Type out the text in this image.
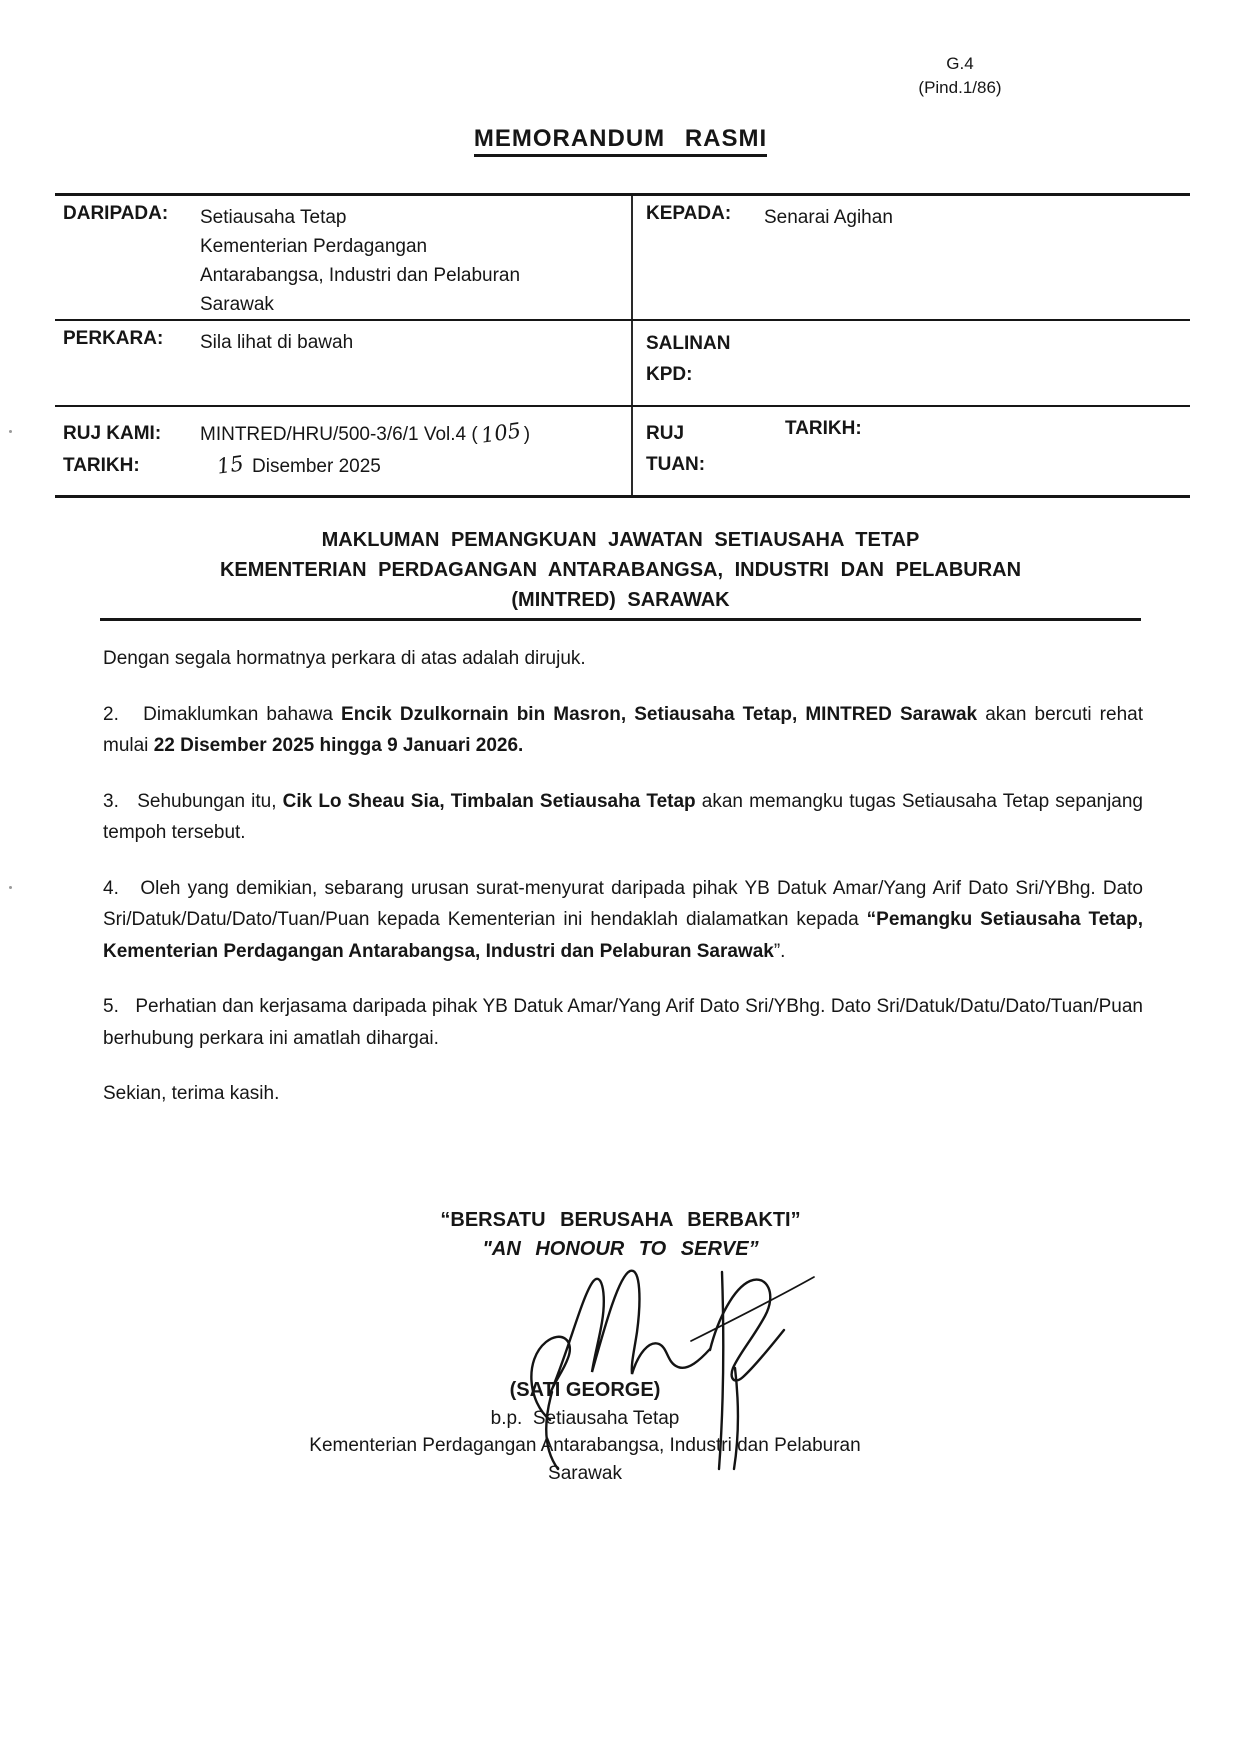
G.4
(Pind.1/86)
MEMORANDUM RASMI
DARIPADA:	Setiausaha Tetap
Kementerian Perdagangan
Antarabangsa, Industri dan Pelaburan
Sarawak
KEPADA:	Senarai Agihan
PERKARA:	Sila lihat di bawah	SALINAN
KPD:
RUJ KAMI:	MINTRED/HRU/500-3/6/1 Vol.4 (105)
TARIKH:	15 Disember 2025
RUJ
TUAN:
TARIKH:
MAKLUMAN PEMANGKUAN JAWATAN SETIAUSAHA TETAP
KEMENTERIAN PERDAGANGAN ANTARABANGSA, INDUSTRI DAN PELABURAN
(MINTRED) SARAWAK

Dengan segala hormatnya perkara di atas adalah dirujuk.

2.   Dimaklumkan bahawa Encik Dzulkornain bin Masron, Setiausaha Tetap, MINTRED Sarawak akan bercuti rehat mulai 22 Disember 2025 hingga 9 Januari 2026.

3.   Sehubungan itu, Cik Lo Sheau Sia, Timbalan Setiausaha Tetap akan memangku tugas Setiausaha Tetap sepanjang tempoh tersebut.

4.   Oleh yang demikian, sebarang urusan surat-menyurat daripada pihak YB Datuk Amar/Yang Arif Dato Sri/YBhg. Dato Sri/Datuk/Datu/Dato/Tuan/Puan kepada Kementerian ini hendaklah dialamatkan kepada “Pemangku Setiausaha Tetap, Kementerian Perdagangan Antarabangsa, Industri dan Pelaburan Sarawak”.

5.   Perhatian dan kerjasama daripada pihak YB Datuk Amar/Yang Arif Dato Sri/YBhg. Dato Sri/Datuk/Datu/Dato/Tuan/Puan berhubung perkara ini amatlah dihargai.

Sekian, terima kasih.

“BERSATU BERUSAHA BERBAKTI”
"AN HONOUR TO SERVE”
(SATI GEORGE)
b.p.  Setiausaha Tetap
Kementerian Perdagangan Antarabangsa, Industri dan Pelaburan
Sarawak
